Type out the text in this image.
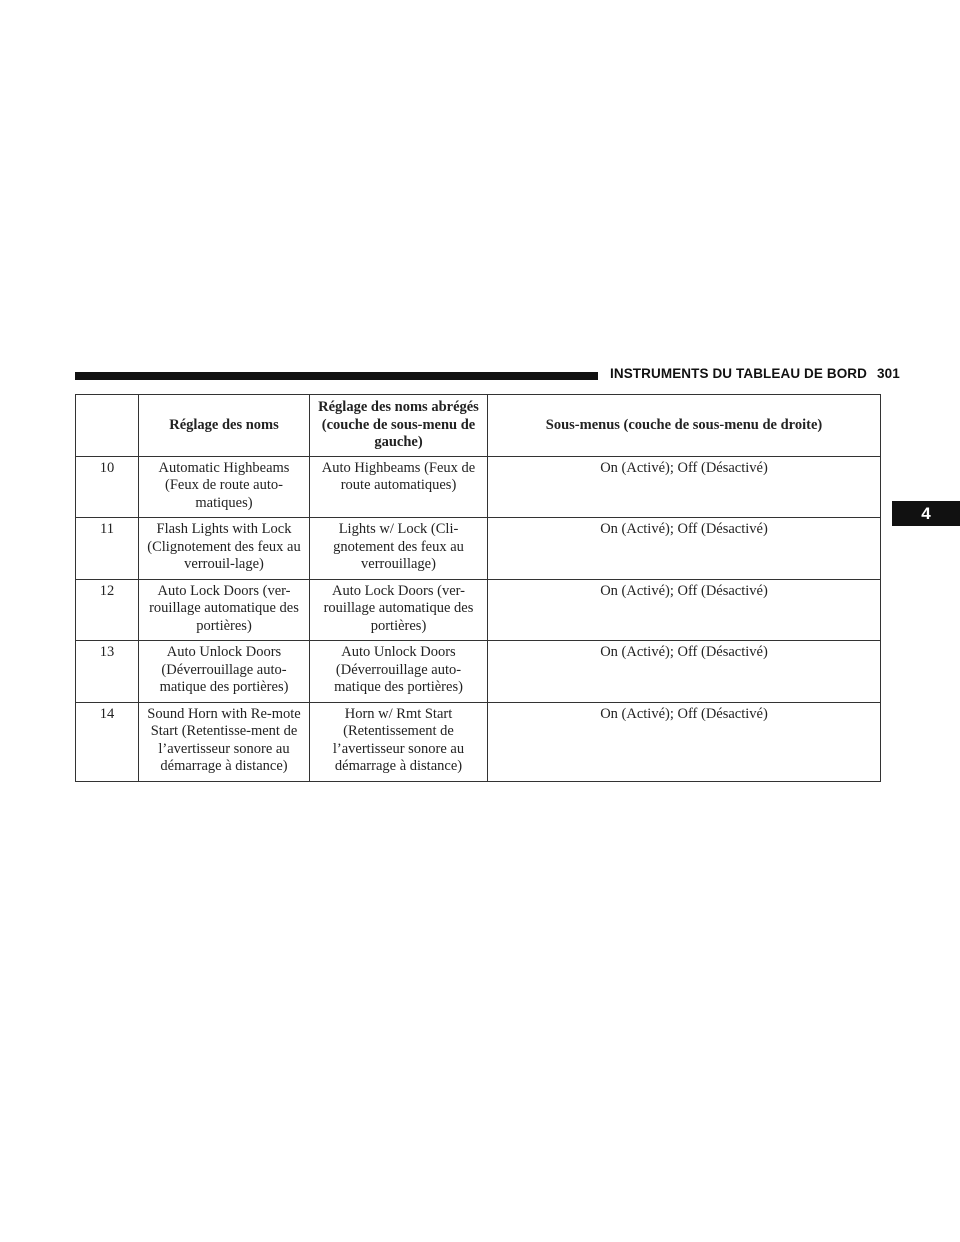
INSTRUMENTS DU TABLEAU DE BORD 301
4
	Réglage des noms	Réglage des noms abrégés (couche de sous-menu de gauche)	Sous-menus (couche de sous-menu de droite)
10	Automatic Highbeams (Feux de route auto-matiques)	Auto Highbeams (Feux de route automatiques)	On (Activé); Off (Désactivé)
11	Flash Lights with Lock (Clignotement des feux au verrouil-lage)	Lights w/ Lock (Cli-gnotement des feux au verrouillage)	On (Activé); Off (Désactivé)
12	Auto Lock Doors (ver-rouillage automatique des portières)	Auto Lock Doors (ver-rouillage automatique des portières)	On (Activé); Off (Désactivé)
13	Auto Unlock Doors (Déverrouillage auto-matique des portières)	Auto Unlock Doors (Déverrouillage auto-matique des portières)	On (Activé); Off (Désactivé)
14	Sound Horn with Re-mote Start (Retentisse-ment de l’avertisseur sonore au démarrage à distance)	Horn w/ Rmt Start (Retentissement de l’avertisseur sonore au démarrage à distance)	On (Activé); Off (Désactivé)
